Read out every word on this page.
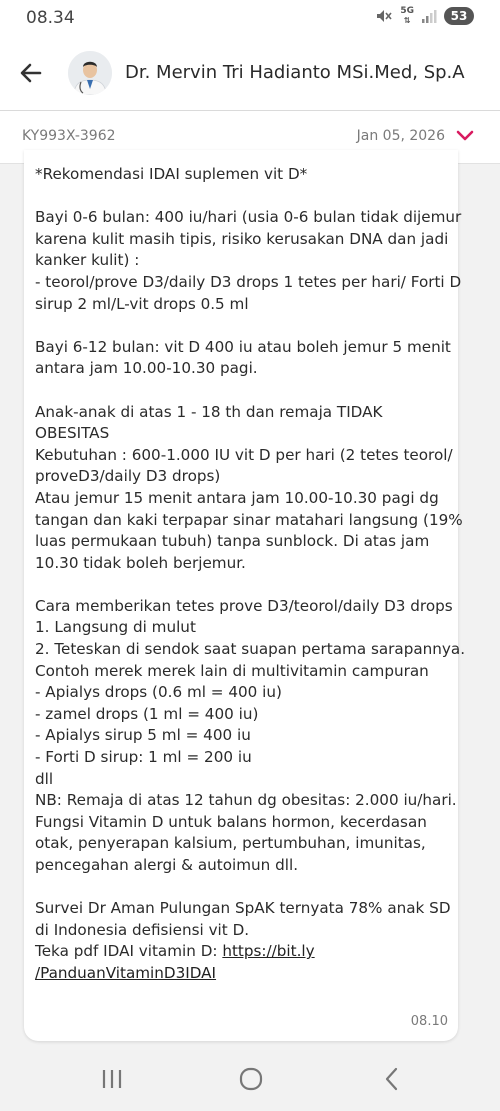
08.34	5G
⇅	53
Dr. Mervin Tri Hadianto MSi.Med, Sp.A
KY993X-3962	Jan 05, 2026
*Rekomendasi IDAI suplemen vit D*
Bayi 0-6 bulan: 400 iu/hari (usia 0-6 bulan tidak dijemur
karena kulit masih tipis, risiko kerusakan DNA dan jadi
kanker kulit) :
- teorol/prove D3/daily D3 drops 1 tetes per hari/ Forti D
sirup 2 ml/L-vit drops 0.5 ml
Bayi 6-12 bulan: vit D 400 iu atau boleh jemur 5 menit
antara jam 10.00-10.30 pagi.
Anak-anak di atas 1 - 18 th dan remaja TIDAK
OBESITAS
Kebutuhan : 600-1.000 IU vit D per hari (2 tetes teorol/
proveD3/daily D3 drops)
Atau jemur 15 menit antara jam 10.00-10.30 pagi dg
tangan dan kaki terpapar sinar matahari langsung (19%
luas permukaan tubuh) tanpa sunblock. Di atas jam
10.30 tidak boleh berjemur.
Cara memberikan tetes prove D3/teorol/daily D3 drops
1. Langsung di mulut
2. Teteskan di sendok saat suapan pertama sarapannya.
Contoh merek merek lain di multivitamin campuran
- Apialys drops (0.6 ml = 400 iu)
- zamel drops (1 ml = 400 iu)
- Apialys sirup 5 ml = 400 iu
- Forti D sirup: 1 ml = 200 iu
dll
NB: Remaja di atas 12 tahun dg obesitas: 2.000 iu/hari.
Fungsi Vitamin D untuk balans hormon, kecerdasan
otak, penyerapan kalsium, pertumbuhan, imunitas,
pencegahan alergi & autoimun dll.
Survei Dr Aman Pulungan SpAK ternyata 78% anak SD
di Indonesia defisiensi vit D.
Teka pdf IDAI vitamin D: https://bit.ly
/PanduanVitaminD3IDAI
08.10
